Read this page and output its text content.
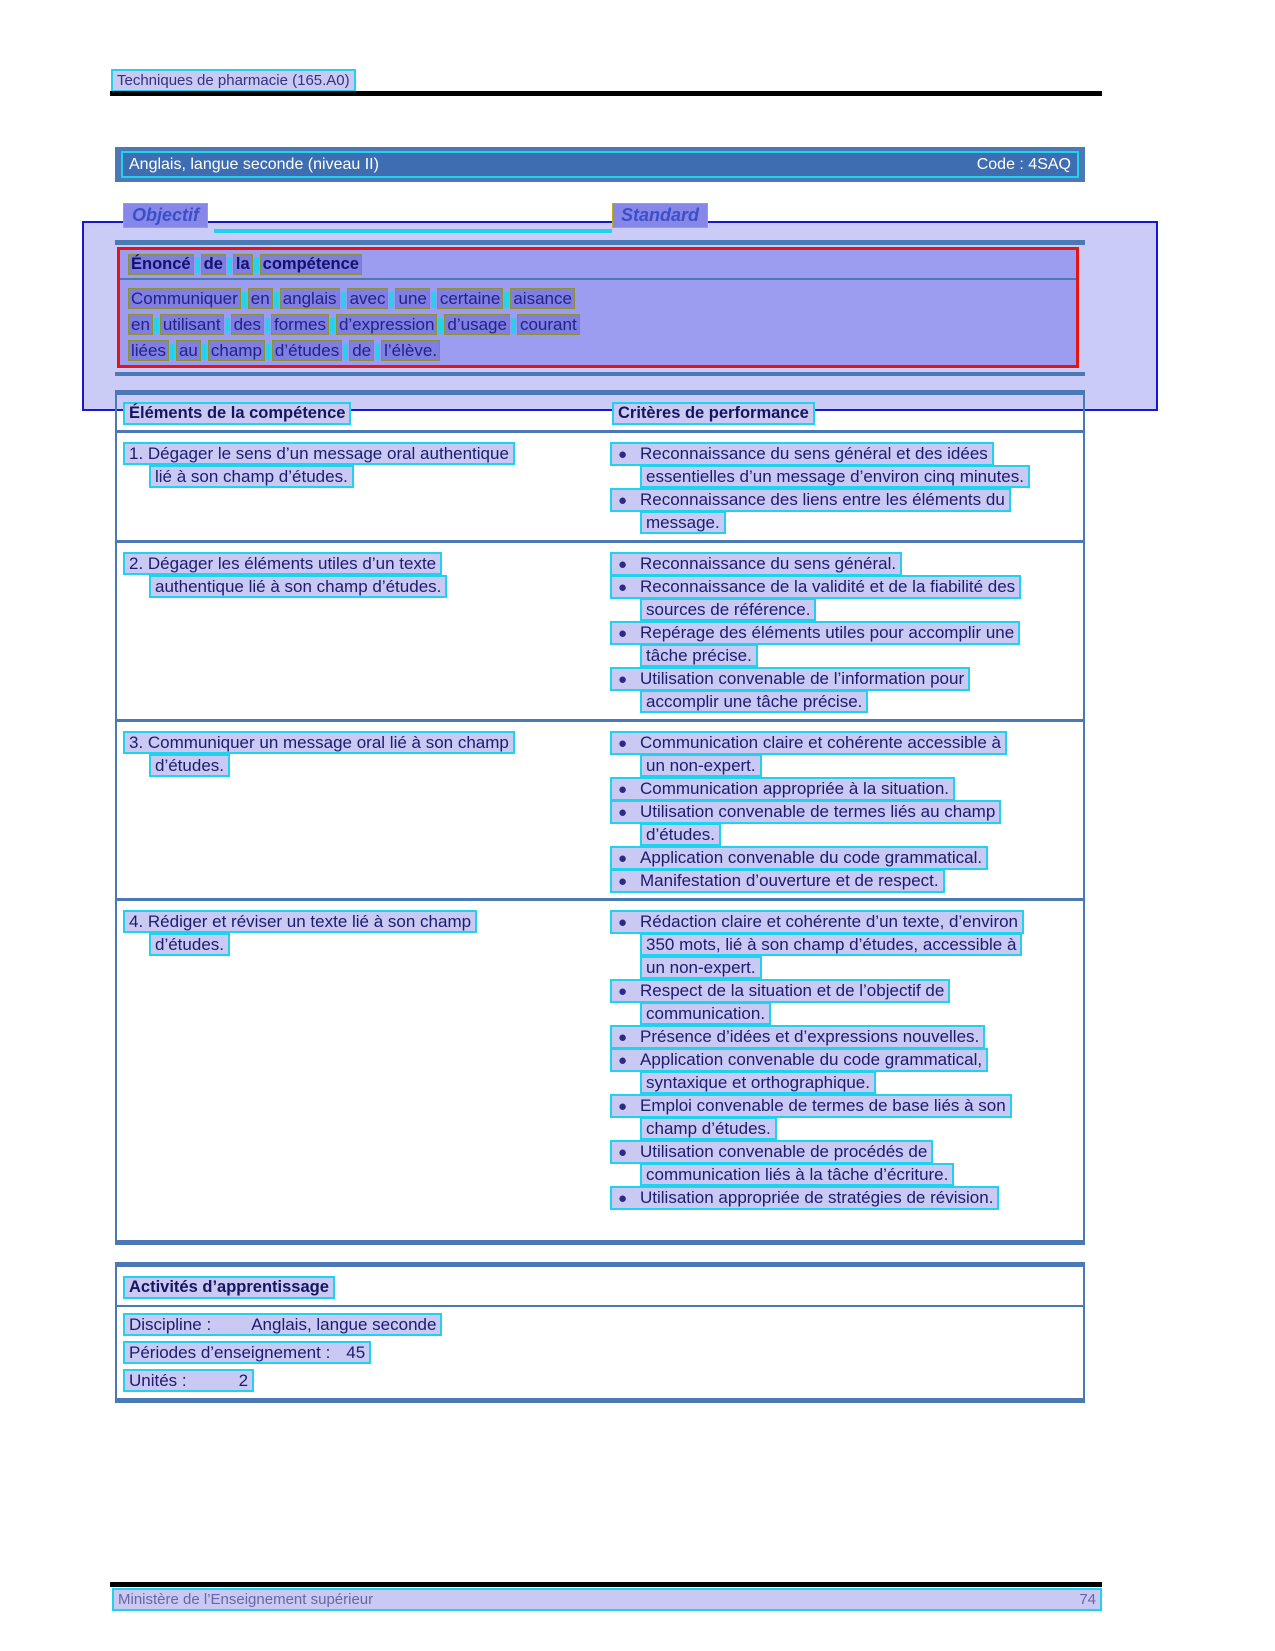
Techniques de pharmacie (165.A0)
Anglais, langue seconde (niveau II)	Code : 4SAQ
Objectif	Standard
Énoncé de la compétence
Communiquer en anglais avec une certaine aisance
en utilisant des formes d’expression d’usage courant
liées au champ d’études de l’élève.
Éléments de la compétence	Critères de performance
1. Dégager le sens d’un message oral authentique
lié à son champ d’études.
● Reconnaissance du sens général et des idées
essentielles d’un message d’environ cinq minutes.
● Reconnaissance des liens entre les éléments du
message.
2. Dégager les éléments utiles d’un texte
authentique lié à son champ d’études.
● Reconnaissance du sens général.
● Reconnaissance de la validité et de la fiabilité des
sources de référence.
● Repérage des éléments utiles pour accomplir une
tâche précise.
● Utilisation convenable de l’information pour
accomplir une tâche précise.
3. Communiquer un message oral lié à son champ
d’études.
● Communication claire et cohérente accessible à
un non-expert.
● Communication appropriée à la situation.
● Utilisation convenable de termes liés au champ
d’études.
● Application convenable du code grammatical.
● Manifestation d’ouverture et de respect.
4. Rédiger et réviser un texte lié à son champ
d’études.
● Rédaction claire et cohérente d’un texte, d’environ
350 mots, lié à son champ d’études, accessible à
un non-expert.
● Respect de la situation et de l’objectif de
communication.
● Présence d’idées et d’expressions nouvelles.
● Application convenable du code grammatical,
syntaxique et orthographique.
● Emploi convenable de termes de base liés à son
champ d’études.
● Utilisation convenable de procédés de
communication liés à la tâche d’écriture.
● Utilisation appropriée de stratégies de révision.
Activités d’apprentissage
Discipline : Anglais, langue seconde
Périodes d’enseignement : 45
Unités :	2
Ministère de l’Enseignement supérieur	74
